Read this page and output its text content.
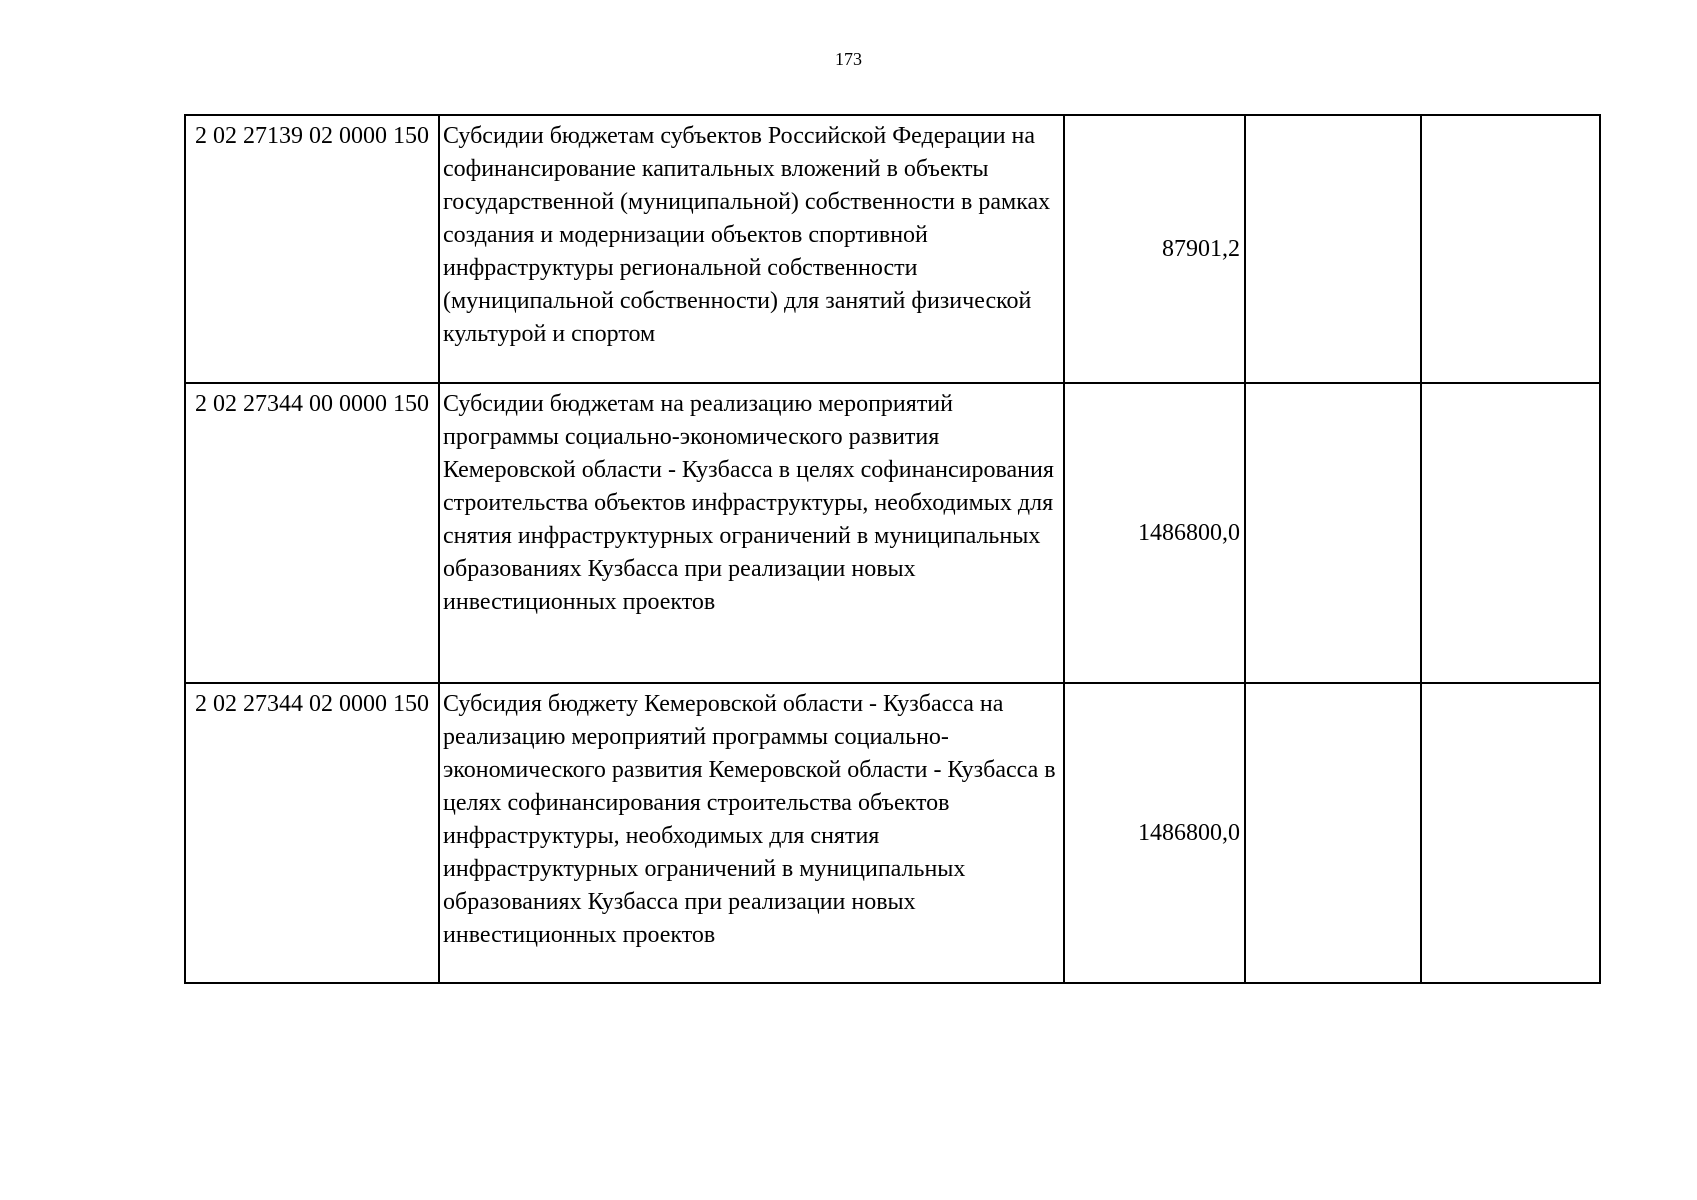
173
2 02 27139 02 0000 150	Субсидии бюджетам субъектов Российской Федерации на софинансирование капитальных вложений в объекты государственной (муниципальной) собственности в рамках создания и модернизации объектов спортивной инфраструктуры региональной собственности (муниципальной собственности) для занятий физической культурой и спортом	87901,2		
2 02 27344 00 0000 150	Субсидии бюджетам на реализацию мероприятий программы социально-экономического развития Кемеровской области - Кузбасса в целях софинансирования строительства объектов инфраструктуры, необходимых для снятия инфраструктурных ограничений в муниципальных образованиях Кузбасса при реализации новых инвестиционных проектов	1486800,0		
2 02 27344 02 0000 150	Субсидия бюджету Кемеровской области - Кузбасса на реализацию мероприятий программы социально-экономического развития Кемеровской области - Кузбасса в целях софинансирования строительства объектов инфраструктуры, необходимых для снятия инфраструктурных ограничений в муниципальных образованиях Кузбасса при реализации новых инвестиционных проектов	1486800,0		
